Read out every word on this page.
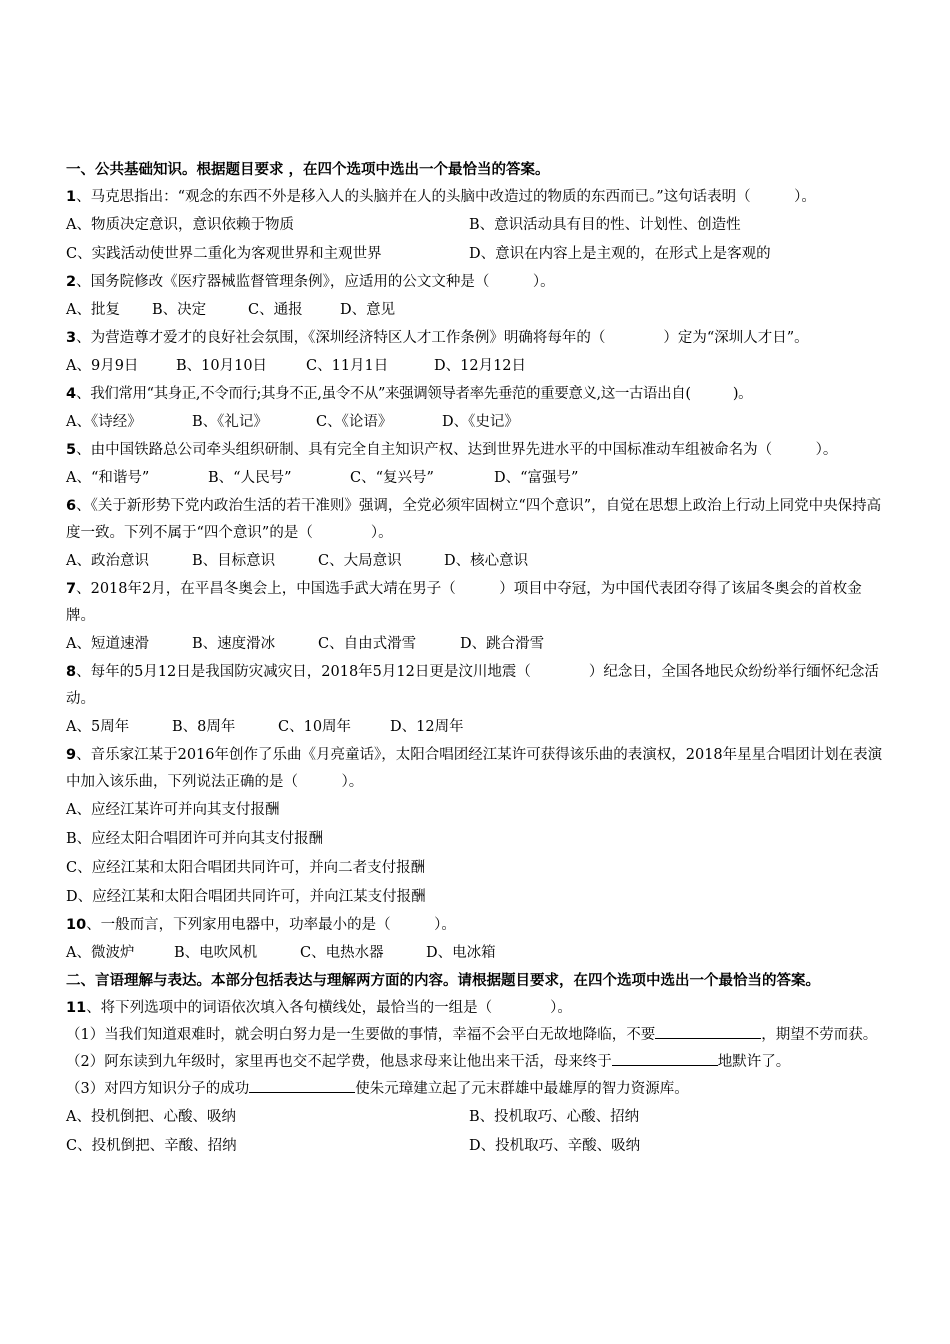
一、公共基础知识。根据题目要求 ，在四个选项中选出一个最恰当的答案。

1、马克思指出：“观念的东西不外是移入人的头脑并在人的头脑中改造过的物质的东西而已。”这句话表明（　　　）。

A、物质决定意识，意识依赖于物质	B、意识活动具有目的性、计划性、创造性
C、实践活动使世界二重化为客观世界和主观世界	D、意识在内容上是主观的，在形式上是客观的

2、国务院修改《医疗器械监督管理条例》，应适用的公文文种是（　　　）。

A、批复	B、决定	C、通报	D、意见

3、为营造尊才爱才的良好社会氛围，《深圳经济特区人才工作条例》明确将每年的（　　　　）定为“深圳人才日”。

A、9月9日	B、10月10日	C、11月1日	D、12月12日

4、我们常用“其身正,不令而行;其身不正,虽令不从”来强调领导者率先垂范的重要意义,这一古语出自(　　　)。

A、《诗经》	B、《礼记》	C、《论语》	D、《史记》

5、由中国铁路总公司牵头组织研制、具有完全自主知识产权、达到世界先进水平的中国标准动车组被命名为（　　　）。

A、“和谐号”	B、“人民号”	C、“复兴号”	D、“富强号”

6、《关于新形势下党内政治生活的若干准则》强调，全党必须牢固树立“四个意识”，自觉在思想上政治上行动上同党中央保持高度一致。下列不属于“四个意识”的是（　　　　）。

A、政治意识	B、目标意识	C、大局意识	D、核心意识

7、2018年2月，在平昌冬奥会上，中国选手武大靖在男子（　　　）项目中夺冠，为中国代表团夺得了该届冬奥会的首枚金牌。

A、短道速滑	B、速度滑冰	C、自由式滑雪	D、跳合滑雪

8、每年的5月12日是我国防灾减灾日，2018年5月12日更是汶川地震（　　　　）纪念日，全国各地民众纷纷举行缅怀纪念活动。

A、5周年	B、8周年	C、10周年	D、12周年

9、音乐家江某于2016年创作了乐曲《月亮童话》，太阳合唱团经江某许可获得该乐曲的表演权，2018年星星合唱团计划在表演中加入该乐曲，下列说法正确的是（　　　）。

A、应经江某许可并向其支付报酬
B、应经太阳合唱团许可并向其支付报酬
C、应经江某和太阳合唱团共同许可，并向二者支付报酬
D、应经江某和太阳合唱团共同许可，并向江某支付报酬

10、一般而言，下列家用电器中，功率最小的是（　　　）。

A、微波炉	B、电吹风机	C、电热水器	D、电冰箱

二、言语理解与表达。本部分包括表达与理解两方面的内容。请根据题目要求，在四个选项中选出一个最恰当的答案。

11、将下列选项中的词语依次填入各句横线处，最恰当的一组是（　　　　）。

（1）当我们知道艰难时，就会明白努力是一生要做的事情，幸福不会平白无故地降临，不要	，期望不劳而获。

（2）阿东读到九年级时，家里再也交不起学费，他恳求母来让他出来干活，母来终于	地默许了。

（3）对四方知识分子的成功	使朱元璋建立起了元末群雄中最雄厚的智力资源库。

A、投机倒把、心酸、吸纳	B、投机取巧、心酸、招纳
C、投机倒把、辛酸、招纳	D、投机取巧、辛酸、吸纳
